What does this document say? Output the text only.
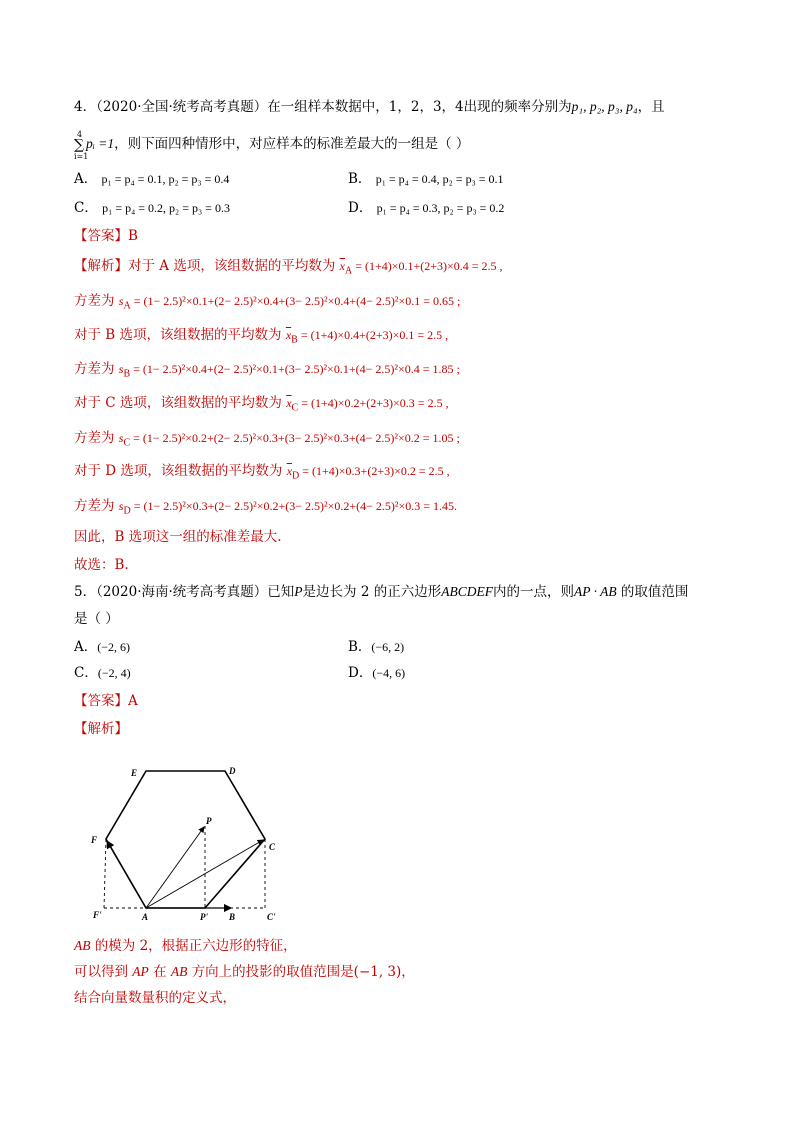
4．（2020·全国·统考高考真题）在一组样本数据中，1，2，3，4出现的频率分别为p₁, p₂, p₃, p₄，且
4
∑
i=1
pᵢ =1，则下面四种情形中，对应样本的标准差最大的一组是（ ）
A． p₁ = p₄ = 0.1, p₂ = p₃ = 0.4	B． p₁ = p₄ = 0.4, p₂ = p₃ = 0.1
C． p₁ = p₄ = 0.2, p₂ = p₃ = 0.3	D． p₁ = p₄ = 0.3, p₂ = p₃ = 0.2
【答案】B
【解析】对于 A 选项，该组数据的平均数为 $\overline{x}_A = (1+4)\times 0.1+(2+3)\times 0.4 = 2.5$ ,
方差为 $s_A = (1- 2.5)^2\times 0.1+(2- 2.5)^2\times 0.4+(3- 2.5)^2\times 0.4+(4- 2.5)^2\times 0.1 = 0.65$ ;
对于 B 选项，该组数据的平均数为 $\overline{x}_B = (1+4)\times 0.4+(2+3)\times 0.1 = 2.5$ ,
方差为 $s_B = (1- 2.5)^2\times 0.4+(2- 2.5)^2\times 0.1+(3- 2.5)^2\times 0.1+(4- 2.5)^2\times 0.4 = 1.85$ ;
对于 C 选项，该组数据的平均数为 $\overline{x}_C = (1+4)\times 0.2+(2+3)\times 0.3 = 2.5$ ,
方差为 $s_C = (1- 2.5)^2\times 0.2+(2- 2.5)^2\times 0.3+(3- 2.5)^2\times 0.3+(4- 2.5)^2\times 0.2 = 1.05$ ;
对于 D 选项，该组数据的平均数为 $\overline{x}_D = (1+4)\times 0.3+(2+3)\times 0.2 = 2.5$ ,
方差为 $s_D = (1- 2.5)^2\times 0.3+(2- 2.5)^2\times 0.2+(3- 2.5)^2\times 0.2+(4- 2.5)^2\times 0.3 = 1.45$.
因此，B 选项这一组的标准差最大.
故选：B.
5．（2020·海南·统考高考真题）已知P是边长为 2 的正六边形ABCDEF内的一点，则AP · AB 的取值范围
是（ ）
A．(−2, 6)	B．(−6, 2)
C．(−2, 4)	D．(−4, 6)
【答案】A
【解析】
E	D
P
F
C
F'	A	P' B	C'
AB 的模为 2，根据正六边形的特征，
可以得到 AP 在 AB 方向上的投影的取值范围是(−1, 3)，
结合向量数量积的定义式，
